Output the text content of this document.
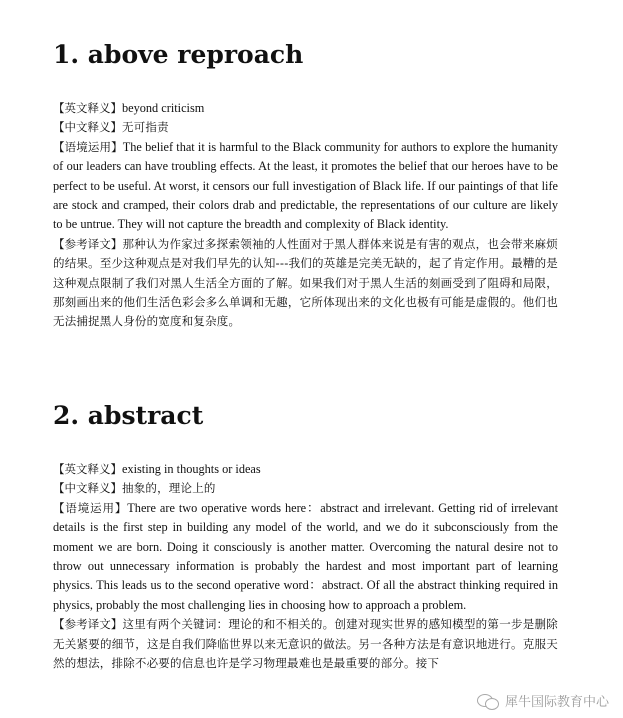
1. above reproach

【英文释义】beyond criticism

【中文释义】无可指责

【语境运用】The belief that it is harmful to the Black community for authors to explore the humanity of our leaders can have troubling effects. At the least, it promotes the belief that our heroes have to be perfect to be useful. At worst, it censors our full investigation of Black life. If our paintings of that life are stock and cramped, their colors drab and predictable, the representations of our culture are likely to be untrue. They will not capture the breadth and complexity of Black identity.

【参考译文】那种认为作家过多探索领袖的人性面对于黑人群体来说是有害的观点，也会带来麻烦的结果。至少这种观点是对我们早先的认知---我们的英雄是完美无缺的，起了肯定作用。最糟的是这种观点限制了我们对黑人生活全方面的了解。如果我们对于黑人生活的刻画受到了阻碍和局限，那刻画出来的他们生活色彩会多么单调和无趣，它所体现出来的文化也极有可能是虚假的。他们也无法捕捉黑人身份的宽度和复杂度。

2. abstract

【英文释义】existing in thoughts or ideas

【中文释义】抽象的，理论上的

【语境运用】There are two operative words here：abstract and irrelevant. Getting rid of irrelevant details is the first step in building any model of the world, and we do it subconsciously from the moment we are born. Doing it consciously is another matter. Overcoming the natural desire not to throw out unnecessary information is probably the hardest and most important part of learning physics. This leads us to the second operative word：abstract. Of all the abstract thinking required in physics, probably the most challenging lies in choosing how to approach a problem.

【参考译文】这里有两个关键词：理论的和不相关的。创建对现实世界的感知模型的第一步是删除无关紧要的细节，这是自我们降临世界以来无意识的做法。另一各种方法是有意识地进行。克服天然的想法，排除不必要的信息也许是学习物理最难也是最重要的部分。接下

犀牛国际教育中心
